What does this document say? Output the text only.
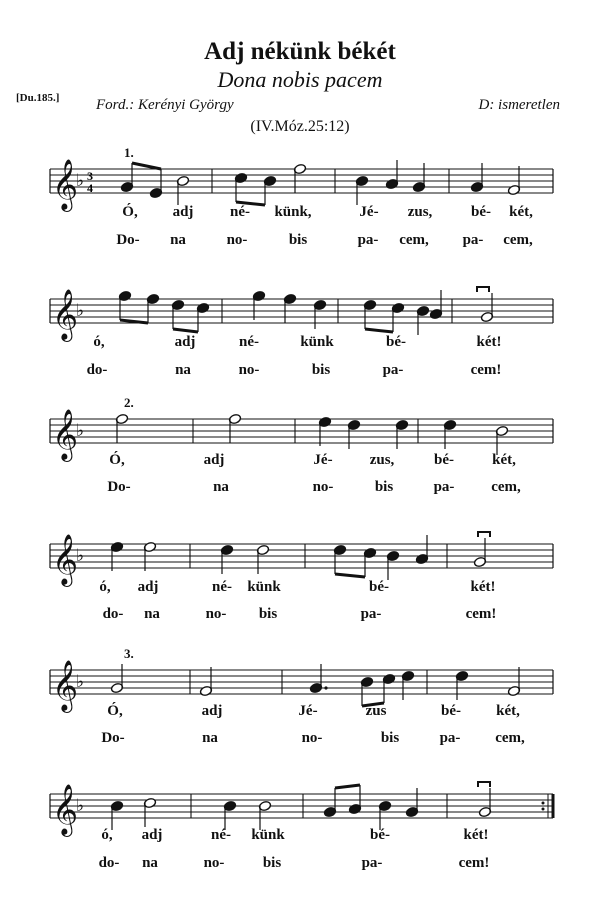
Adj nékünk békét
Dona nobis pacem
[Du.185.] Ford.: Kerényi György	D: ismeretlen
(IV.Móz.25:12)
𝄞
♭ 3
4
𝄞
♭
𝄞
♭
𝄞
♭
𝄞
♭
𝄞
♭
1.
Ó, adj né- künk,	Jé- zus,	bé- két,
Do- na	no-	bis	pa- cem, pa- cem,
ó,	adj	né-	künk	bé-	két!
do-	na	no-	bis	pa-	cem!
2.
Ó,	adj	Jé- zus,	bé-	két,
Do-	na	no-	bis	pa- cem,
ó, adj	né- künk	bé-	két!
do- na	no- bis	pa-	cem!
3.
Ó,	adj	Jé-	zus	bé- két,
Do-	na	no-	bis	pa- cem,
ó, adj	né- künk	bé-	két!
do- na	no-	bis	pa-	cem!
